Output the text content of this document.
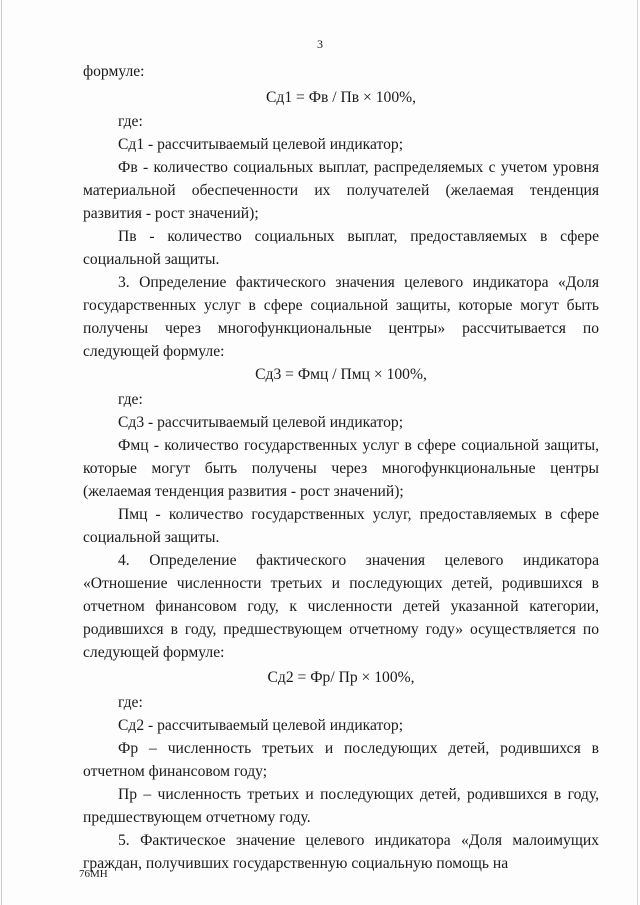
3

формуле:

Сд1 = Фв / Пв × 100%,

где:

Сд1 - рассчитываемый целевой индикатор;

Фв - количество социальных выплат, распределяемых с учетом уровня материальной обеспеченности их получателей (желаемая тенденция развития - рост значений);

Пв - количество социальных выплат, предоставляемых в сфере социальной защиты.

3. Определение фактического значения целевого индикатора «Доля государственных услуг в сфере социальной защиты, которые могут быть получены через многофункциональные центры» рассчитывается по следующей формуле:

Сд3 = Фмц / Пмц × 100%,

где:

Сд3 - рассчитываемый целевой индикатор;

Фмц - количество государственных услуг в сфере социальной защиты, которые могут быть получены через многофункциональные центры (желаемая тенденция развития - рост значений);

Пмц - количество государственных услуг, предоставляемых в сфере социальной защиты.

4. Определение фактического значения целевого индикатора «Отношение численности третьих и последующих детей, родившихся в отчетном финансовом году, к численности детей указанной категории, родившихся в году, предшествующем отчетному году» осуществляется по следующей формуле:

Сд2 = Фр/ Пр × 100%,

где:

Сд2 - рассчитываемый целевой индикатор;

Фр – численность третьих и последующих детей, родившихся в отчетном финансовом году;

Пр – численность третьих и последующих детей, родившихся в году, предшествующем отчетному году.

5. Фактическое значение целевого индикатора «Доля малоимущих граждан, получивших государственную социальную помощь на

76МН
